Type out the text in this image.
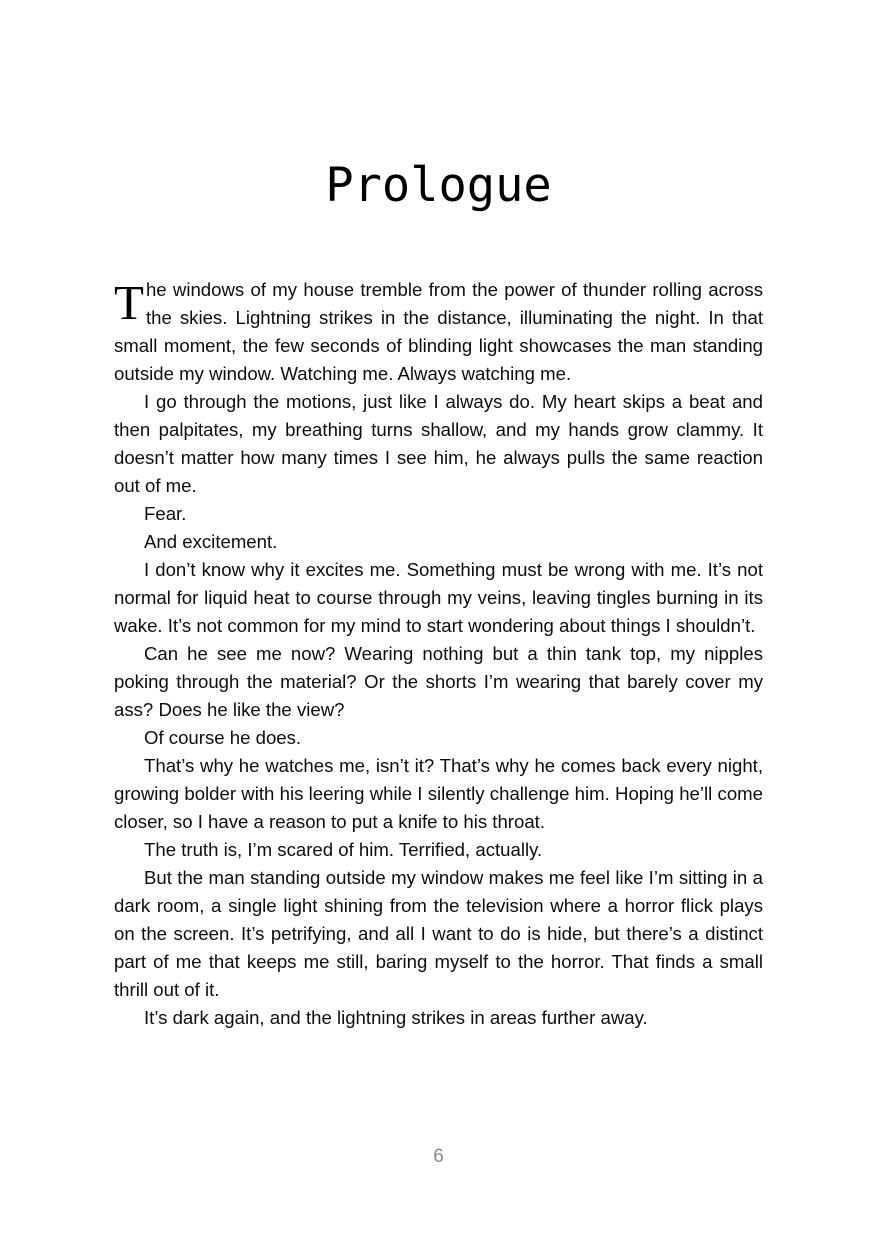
Prologue

The windows of my house tremble from the power of thunder rolling across the skies. Lightning strikes in the distance, illuminating the night. In that small moment, the few seconds of blinding light showcases the man standing outside my window. Watching me. Always watching me.

I go through the motions, just like I always do. My heart skips a beat and then palpitates, my breathing turns shallow, and my hands grow clammy. It doesn’t matter how many times I see him, he always pulls the same reaction out of me.

Fear.

And excitement.

I don’t know why it excites me. Something must be wrong with me. It’s not normal for liquid heat to course through my veins, leaving tingles burning in its wake. It’s not common for my mind to start wondering about things I shouldn’t.

Can he see me now? Wearing nothing but a thin tank top, my nipples poking through the material? Or the shorts I’m wearing that barely cover my ass? Does he like the view?

Of course he does.

That’s why he watches me, isn’t it? That’s why he comes back every night, growing bolder with his leering while I silently challenge him. Hoping he’ll come closer, so I have a reason to put a knife to his throat.

The truth is, I’m scared of him. Terrified, actually.

But the man standing outside my window makes me feel like I’m sitting in a dark room, a single light shining from the television where a horror flick plays on the screen. It’s petrifying, and all I want to do is hide, but there’s a distinct part of me that keeps me still, baring myself to the horror. That finds a small thrill out of it.

It’s dark again, and the lightning strikes in areas further away.

6
